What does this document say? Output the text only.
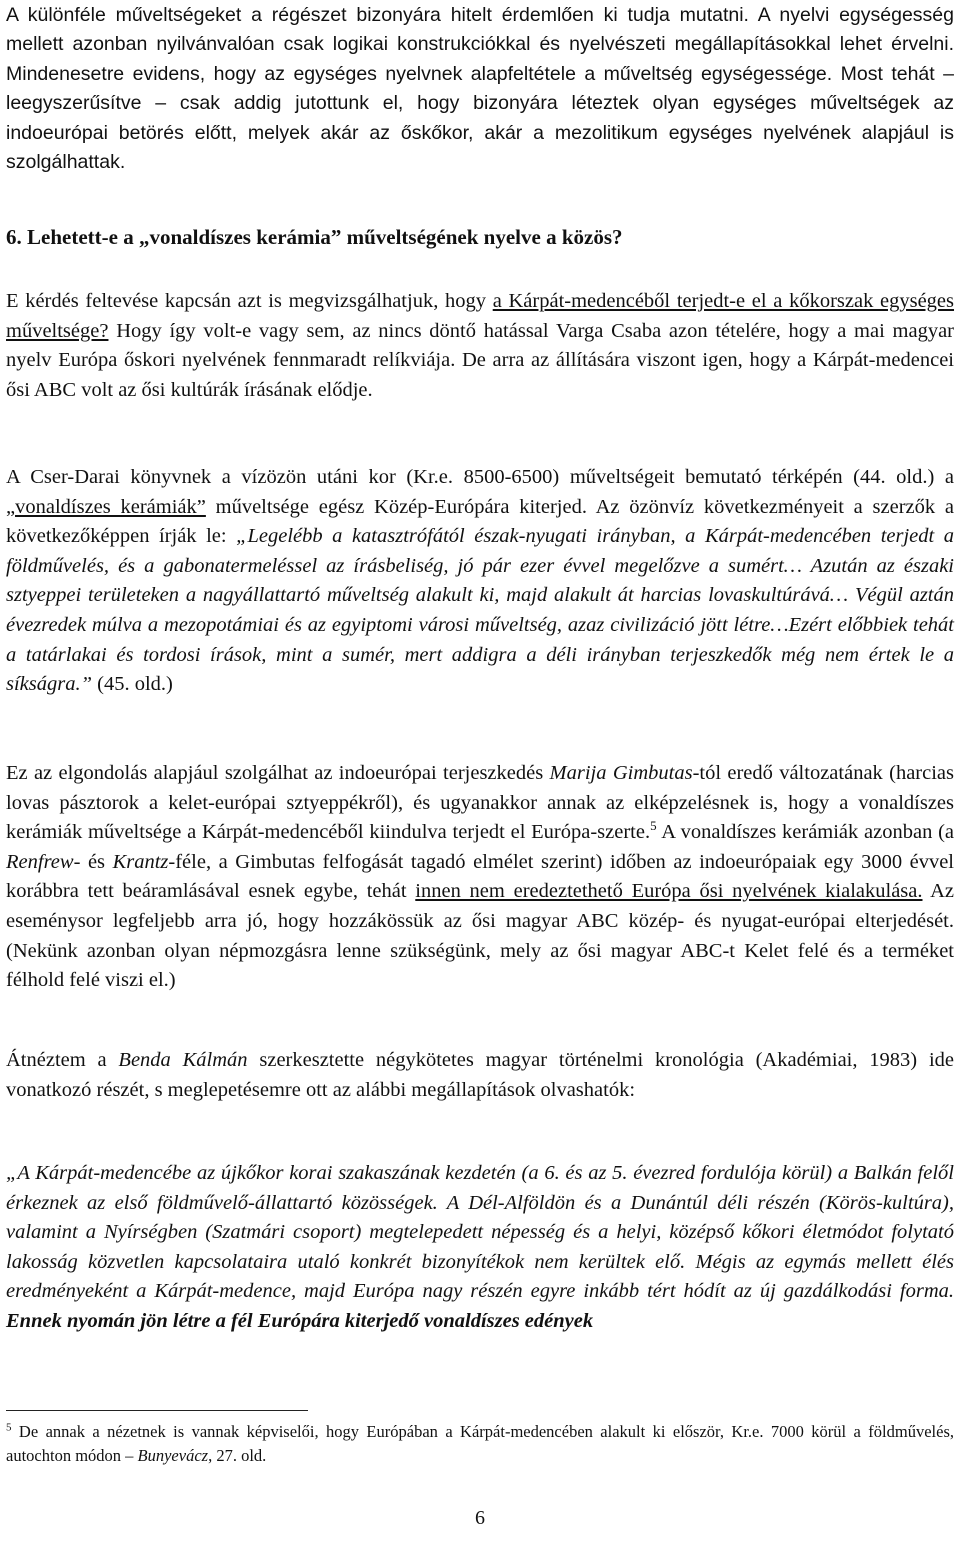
A különféle műveltségeket a régészet bizonyára hitelt érdemlően ki tudja mutatni. A nyelvi egységesség mellett azonban nyilvánvalóan csak logikai konstrukciókkal és nyelvészeti megállapításokkal lehet érvelni. Mindenesetre evidens, hogy az egységes nyelvnek alapfeltétele a műveltség egységessége. Most tehát – leegyszerűsítve – csak addig jutottunk el, hogy bizonyára léteztek olyan egységes műveltségek az indoeurópai betörés előtt, melyek akár az őskőkor, akár a mezolitikum egységes nyelvének alapjául is szolgálhattak.

6. Lehetett-e a „vonaldíszes kerámia” műveltségének nyelve a közös?

E kérdés feltevése kapcsán azt is megvizsgálhatjuk, hogy a Kárpát-medencéből terjedt-e el a kőkorszak egységes műveltsége? Hogy így volt-e vagy sem, az nincs döntő hatással Varga Csaba azon tételére, hogy a mai magyar nyelv Európa őskori nyelvének fennmaradt relíkviája. De arra az állítására viszont igen, hogy a Kárpát-medencei ősi ABC volt az ősi kultúrák írásának elődje.

A Cser-Darai könyvnek a vízözön utáni kor (Kr.e. 8500-6500) műveltségeit bemutató térképén (44. old.) a „vonaldíszes kerámiák” műveltsége egész Közép-Európára kiterjed. Az özönvíz következményeit a szerzők a következőképpen írják le: „Legelébb a katasztrófától észak-nyugati irányban, a Kárpát-medencében terjedt a földművelés, és a gabonatermeléssel az írásbeliség, jó pár ezer évvel megelőzve a sumért… Azután az északi sztyeppei területeken a nagyállattartó műveltség alakult ki, majd alakult át harcias lovaskultúrává… Végül aztán évezredek múlva a mezopotámiai és az egyiptomi városi műveltség, azaz civilizáció jött létre…Ezért előbbiek tehát a tatárlakai és tordosi írások, mint a sumér, mert addigra a déli irányban terjeszkedők még nem értek le a síkságra.” (45. old.)

Ez az elgondolás alapjául szolgálhat az indoeurópai terjeszkedés Marija Gimbutas-tól eredő változatának (harcias lovas pásztorok a kelet-európai sztyeppékről), és ugyanakkor annak az elképzelésnek is, hogy a vonaldíszes kerámiák műveltsége a Kárpát-medencéből kiindulva terjedt el Európa-szerte.$^5$ A vonaldíszes kerámiák azonban (a Renfrew- és Krantz-féle, a Gimbutas felfogását tagadó elmélet szerint) időben az indoeurópaiak egy 3000 évvel korábbra tett beáramlásával esnek egybe, tehát innen nem eredeztethető Európa ősi nyelvének kialakulása. Az eseménysor legfeljebb arra jó, hogy hozzákössük az ősi magyar ABC közép- és nyugat-európai elterjedését. (Nekünk azonban olyan népmozgásra lenne szükségünk, mely az ősi magyar ABC-t Kelet felé és a terméket félhold felé viszi el.)

Átnéztem a Benda Kálmán szerkesztette négykötetes magyar történelmi kronológia (Akadémiai, 1983) ide vonatkozó részét, s meglepetésemre ott az alábbi megállapítások olvashatók:

„A Kárpát-medencébe az újkőkor korai szakaszának kezdetén (a 6. és az 5. évezred fordulója körül) a Balkán felől érkeznek az első földművelő-állattartó közösségek. A Dél-Alföldön és a Dunántúl déli részén (Körös-kultúra), valamint a Nyírségben (Szatmári csoport) megtelepedett népesség és a helyi, középső kőkori életmódot folytató lakosság közvetlen kapcsolataira utaló konkrét bizonyítékok nem kerültek elő. Mégis az egymás mellett élés eredményeként a Kárpát-medence, majd Európa nagy részén egyre inkább tért hódít az új gazdálkodási forma. Ennek nyomán jön létre a fél Európára kiterjedő vonaldíszes edények

$^5$ De annak a nézetnek is vannak képviselői, hogy Európában a Kárpát-medencében alakult ki először, Kr.e. 7000 körül a földművelés, autochton módon – Bunyevácz, 27. old.

6
